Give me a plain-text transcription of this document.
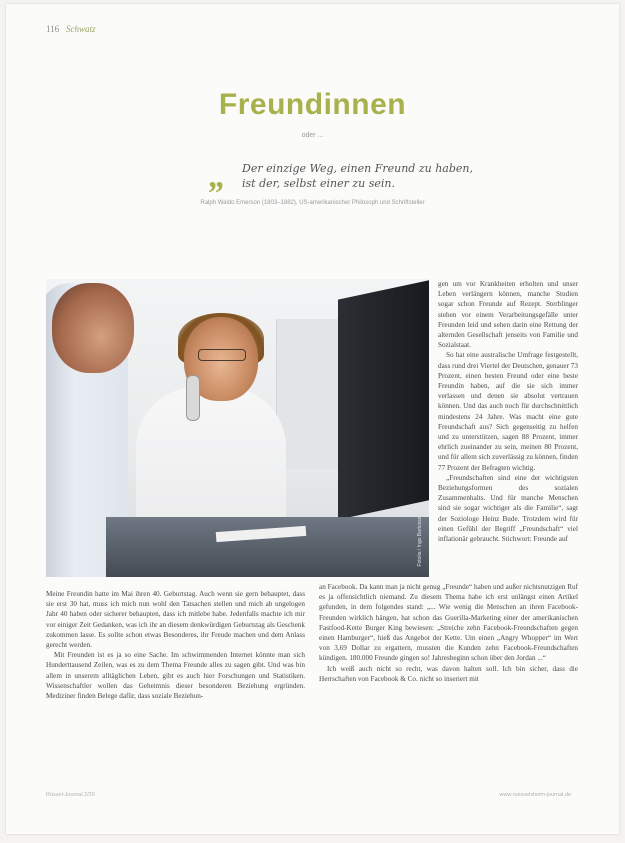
116 Schwatz
Freundinnen
oder ...
„ Der einzige Weg, einen Freund zu haben,
ist der, selbst einer zu sein.
Ralph Waldo Emerson (1803–1882), US-amerikanischer Philosoph und Schriftsteller
Fotolia / Ingo Bartussek

gen um vor Krankheiten erholten und unser Leben verlängern können, manche Studien sogar schon Freunde auf Rezept. Sterblinger stehen vor einem Verarbeitungsgefälle unter Freunden leid und sehen darin eine Rettung der alternden Gesellschaft jenseits von Familie und Sozialstaat.

So hat eine australische Umfrage festgestellt, dass rund drei Viertel der Deutschen, genauer 73 Prozent, einen besten Freund oder eine beste Freundin haben, auf die sie sich immer verlassen und denen sie absolut vertrauen können. Und das auch noch für durchschnittlich mindestens 24 Jahre. Was macht eine gute Freundschaft aus? Sich gegenseitig zu helfen und zu unterstützen, sagen 88 Prozent, immer ehrlich zueinander zu sein, meinen 80 Prozent, und für allem sich zuverlässig zu können, finden 77 Prozent der Befragten wichtig.

„Freundschaften sind eine der wichtigsten Beziehungsformen des sozialen Zusammenhalts. Und für manche Menschen sind sie sogar wichtiger als die Familie“, sagt der Soziologe Heinz Bude. Trotzdem wird für einen Gefühl der Begriff „Freundschaft“ viel inflationär gebraucht. Stichwort: Freunde auf

Meine Freundin hatte im Mai ihren 40. Geburtstag. Auch wenn sie gern behauptet, dass sie erst 30 hat, muss ich mich nun wohl den Tatsachen stellen und mich ab ungelogen Jahr 40 haben oder sicherer behaupten, dass ich mitlebe habe. Jedenfalls machte ich mir vor einiger Zeit Gedanken, was ich ihr an diesem denkwürdigen Geburtstag als Geschenk zukommen lasse. Es sollte schon etwas Besonderes, ihr Freude machen und dem Anlass gerecht werden.

Mit Freunden ist es ja so eine Sache. Im schwimmenden Internet könnte man sich Hunderttausend Zeilen, was es zu dem Thema Freunde alles zu sagen gibt. Und was bin allem in unserem alltäglichen Leben, gibt es auch hier Forschungen und Statistiken. Wissenschaftler wollen das Geheimnis dieser besonderen Beziehung ergründen. Mediziner finden Belege dafür, dass soziale Beziehun-

an Facebook. Da kann man ja nicht genug „Freunde“ haben und außer nichtsnutzigen Ruf es ja offensichtlich niemand. Zu diesem Thema habe ich erst unlängst einen Artikel gefunden, in dem folgendes stand: „... Wie wenig die Menschen an ihren Facebook-Freunden wirklich hängen, hat schon das Guerilla-Marketing einer der amerikanischen Fastfood-Kette Burger King bewiesen: „Streiche zehn Facebook-Freundschaften gegen einen Hamburger“, hieß das Angebot der Kette. Um einen „Angry Whopper“ im Wert von 3,69 Dollar zu ergattern, mussten die Kunden zehn Facebook-Freundschaften kündigen. 180.000 Freunde gingen so! Jahresbeginn schon über den Jordan ...“

Ich weiß auch nicht so recht, was davon halten soll. Ich bin sicher, dass die Herrschaften von Facebook & Co. nicht so inseriert mit

Rüssel-Journal 2/20	www.ruesselsheim-journal.de
